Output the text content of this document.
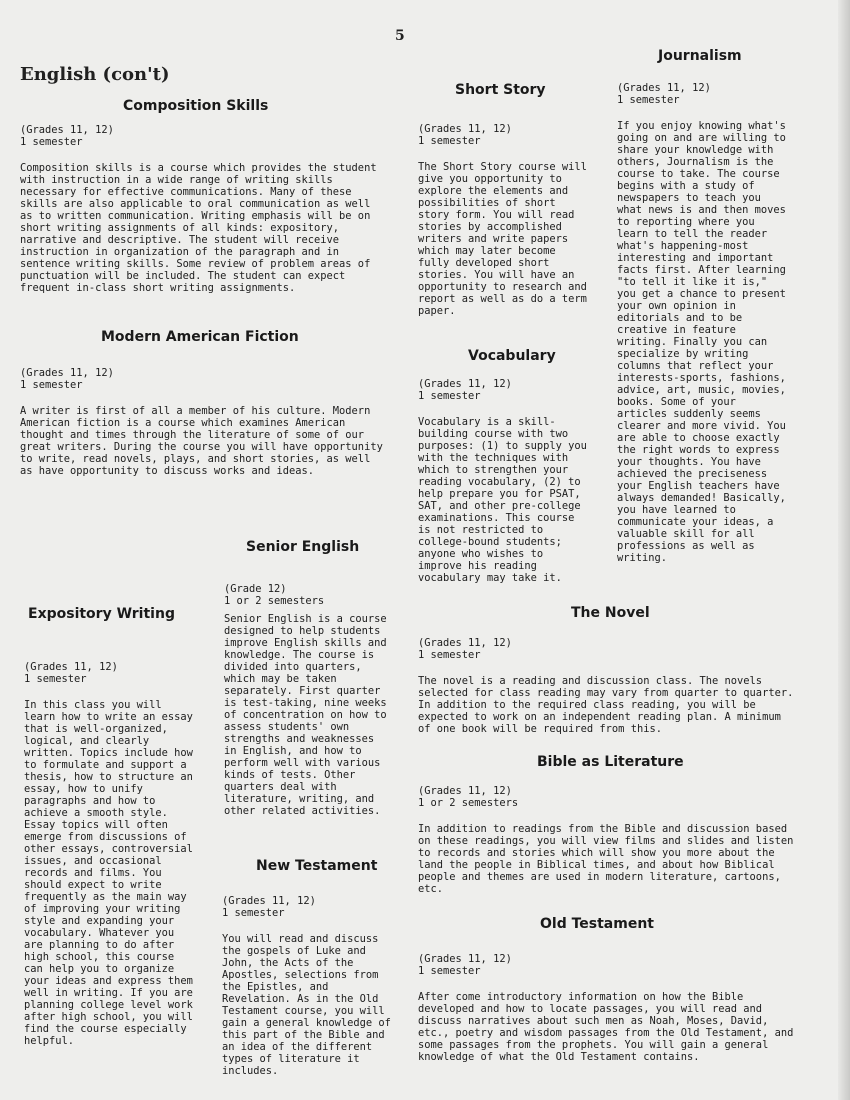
5
English (con't)
Composition Skills

(Grades 11, 12)

1 semester

Composition skills is a course which provides the student with instruction in a wide range of writing skills necessary for effective communications. Many of these skills are also applicable to oral communication as well as to written communication. Writing emphasis will be on short writing assignments of all kinds: expository, narrative and descriptive. The student will receive instruction in organization of the paragraph and in sentence writing skills. Some review of problem areas of punctuation will be included. The student can expect frequent in-class short writing assignments.

Modern American Fiction

(Grades 11, 12)

1 semester

A writer is first of all a member of his culture. Modern American fiction is a course which examines American thought and times through the literature of some of our great writers. During the course you will have opportunity to write, read novels, plays, and short stories, as well as have opportunity to discuss works and ideas.

Expository Writing

(Grades 11, 12)

1 semester

In this class you will learn how to write an essay that is well-organized, logical, and clearly written. Topics include how to formulate and support a thesis, how to structure an essay, how to unify paragraphs and how to achieve a smooth style. Essay topics will often emerge from discussions of other essays, controversial issues, and occasional records and films. You should expect to write frequently as the main way of improving your writing style and expanding your vocabulary. Whatever you are planning to do after high school, this course can help you to organize your ideas and express them well in writing. If you are planning college level work after high school, you will find the course especially helpful.

Senior English

(Grade 12)

1 or 2 semesters

Senior English is a course designed to help students improve English skills and knowledge. The course is divided into quarters, which may be taken separately. First quarter is test-taking, nine weeks of concentration on how to assess students' own strengths and weaknesses in English, and how to perform well with various kinds of tests. Other quarters deal with literature, writing, and other related activities.

New Testament

(Grades 11, 12)

1 semester

You will read and discuss the gospels of Luke and John, the Acts of the Apostles, selections from the Epistles, and Revelation. As in the Old Testament course, you will gain a general knowledge of this part of the Bible and an idea of the different types of literature it includes.

Short Story

(Grades 11, 12)

1 semester

The Short Story course will give you opportunity to explore the elements and possibilities of short story form. You will read stories by accomplished writers and write papers which may later become fully developed short stories. You will have an opportunity to research and report as well as do a term paper.

Vocabulary

(Grades 11, 12)

1 semester

Vocabulary is a skill-building course with two purposes: (1) to supply you with the techniques with which to strengthen your reading vocabulary, (2) to help prepare you for PSAT, SAT, and other pre-college examinations. This course is not restricted to college-bound students; anyone who wishes to improve his reading vocabulary may take it.

Journalism

(Grades 11, 12)

1 semester

If you enjoy knowing what's going on and are willing to share your knowledge with others, Journalism is the course to take. The course begins with a study of newspapers to teach you what news is and then moves to reporting where you learn to tell the reader what's happening-most interesting and important facts first. After learning "to tell it like it is," you get a chance to present your own opinion in editorials and to be creative in feature writing. Finally you can specialize by writing columns that reflect your interests-sports, fashions, advice, art, music, movies, books. Some of your articles suddenly seems clearer and more vivid. You are able to choose exactly the right words to express your thoughts. You have achieved the preciseness your English teachers have always demanded! Basically, you have learned to communicate your ideas, a valuable skill for all professions as well as writing.

The Novel

(Grades 11, 12)

1 semester

The novel is a reading and discussion class. The novels selected for class reading may vary from quarter to quarter. In addition to the required class reading, you will be expected to work on an independent reading plan. A minimum of one book will be required from this.

Bible as Literature

(Grades 11, 12)

1 or 2 semesters

In addition to readings from the Bible and discussion based on these readings, you will view films and slides and listen to records and stories which will show you more about the land the people in Biblical times, and about how Biblical people and themes are used in modern literature, cartoons, etc.

Old Testament

(Grades 11, 12)

1 semester

After come introductory information on how the Bible developed and how to locate passages, you will read and discuss narratives about such men as Noah, Moses, David, etc., poetry and wisdom passages from the Old Testament, and some passages from the prophets. You will gain a general knowledge of what the Old Testament contains.
